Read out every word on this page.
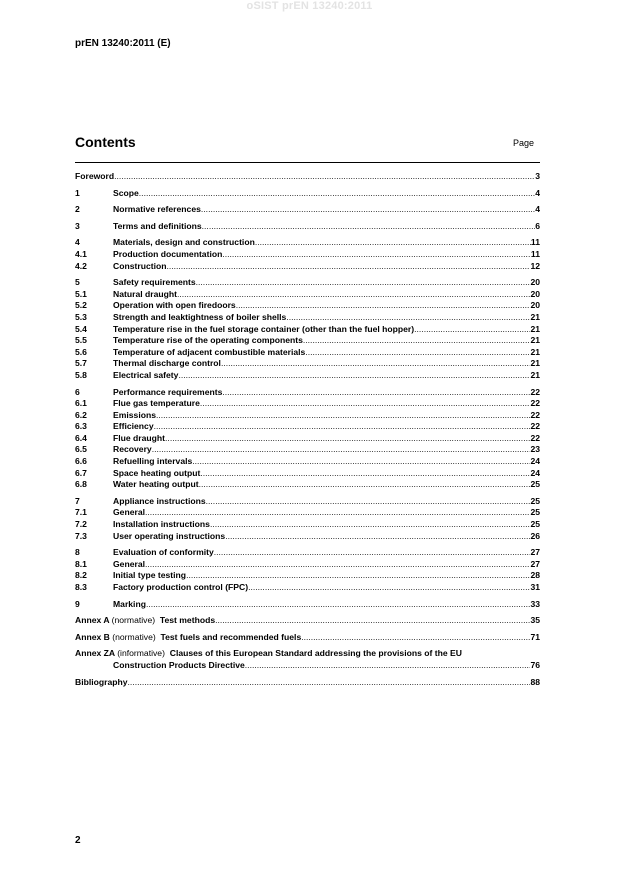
oSIST prEN 13240:2011
prEN 13240:2011 (E)
Contents	Page
Foreword .....	3
1	Scope .....	4
2	Normative references .....	4
3	Terms and definitions .....	6
4	Materials, design and construction .....	11
4.1	Production documentation .....	11
4.2	Construction .....	12
5	Safety requirements .....	20
5.1	Natural draught .....	20
5.2	Operation with open firedoors .....	20
5.3	Strength and leaktightness of boiler shells .....	21
5.4	Temperature rise in the fuel storage container (other than the fuel hopper) .....	21
5.5	Temperature rise of the operating components .....	21
5.6	Temperature of adjacent combustible materials .....	21
5.7	Thermal discharge control .....	21
5.8	Electrical safety .....	21
6	Performance requirements .....	22
6.1	Flue gas temperature .....	22
6.2	Emissions .....	22
6.3	Efficiency .....	22
6.4	Flue draught .....	22
6.5	Recovery .....	23
6.6	Refuelling intervals .....	24
6.7	Space heating output .....	24
6.8	Water heating output .....	25
7	Appliance instructions .....	25
7.1	General .....	25
7.2	Installation instructions .....	25
7.3	User operating instructions .....	26
8	Evaluation of conformity .....	27
8.1	General .....	27
8.2	Initial type testing .....	28
8.3	Factory production control (FPC) .....	31
9	Marking .....	33
Annex A (normative) Test methods .....	35
Annex B (normative) Test fuels and recommended fuels .....	71
Annex ZA (informative) Clauses of this European Standard addressing the provisions of the EU
Construction Products Directive .....	76
Bibliography .....	88
2
